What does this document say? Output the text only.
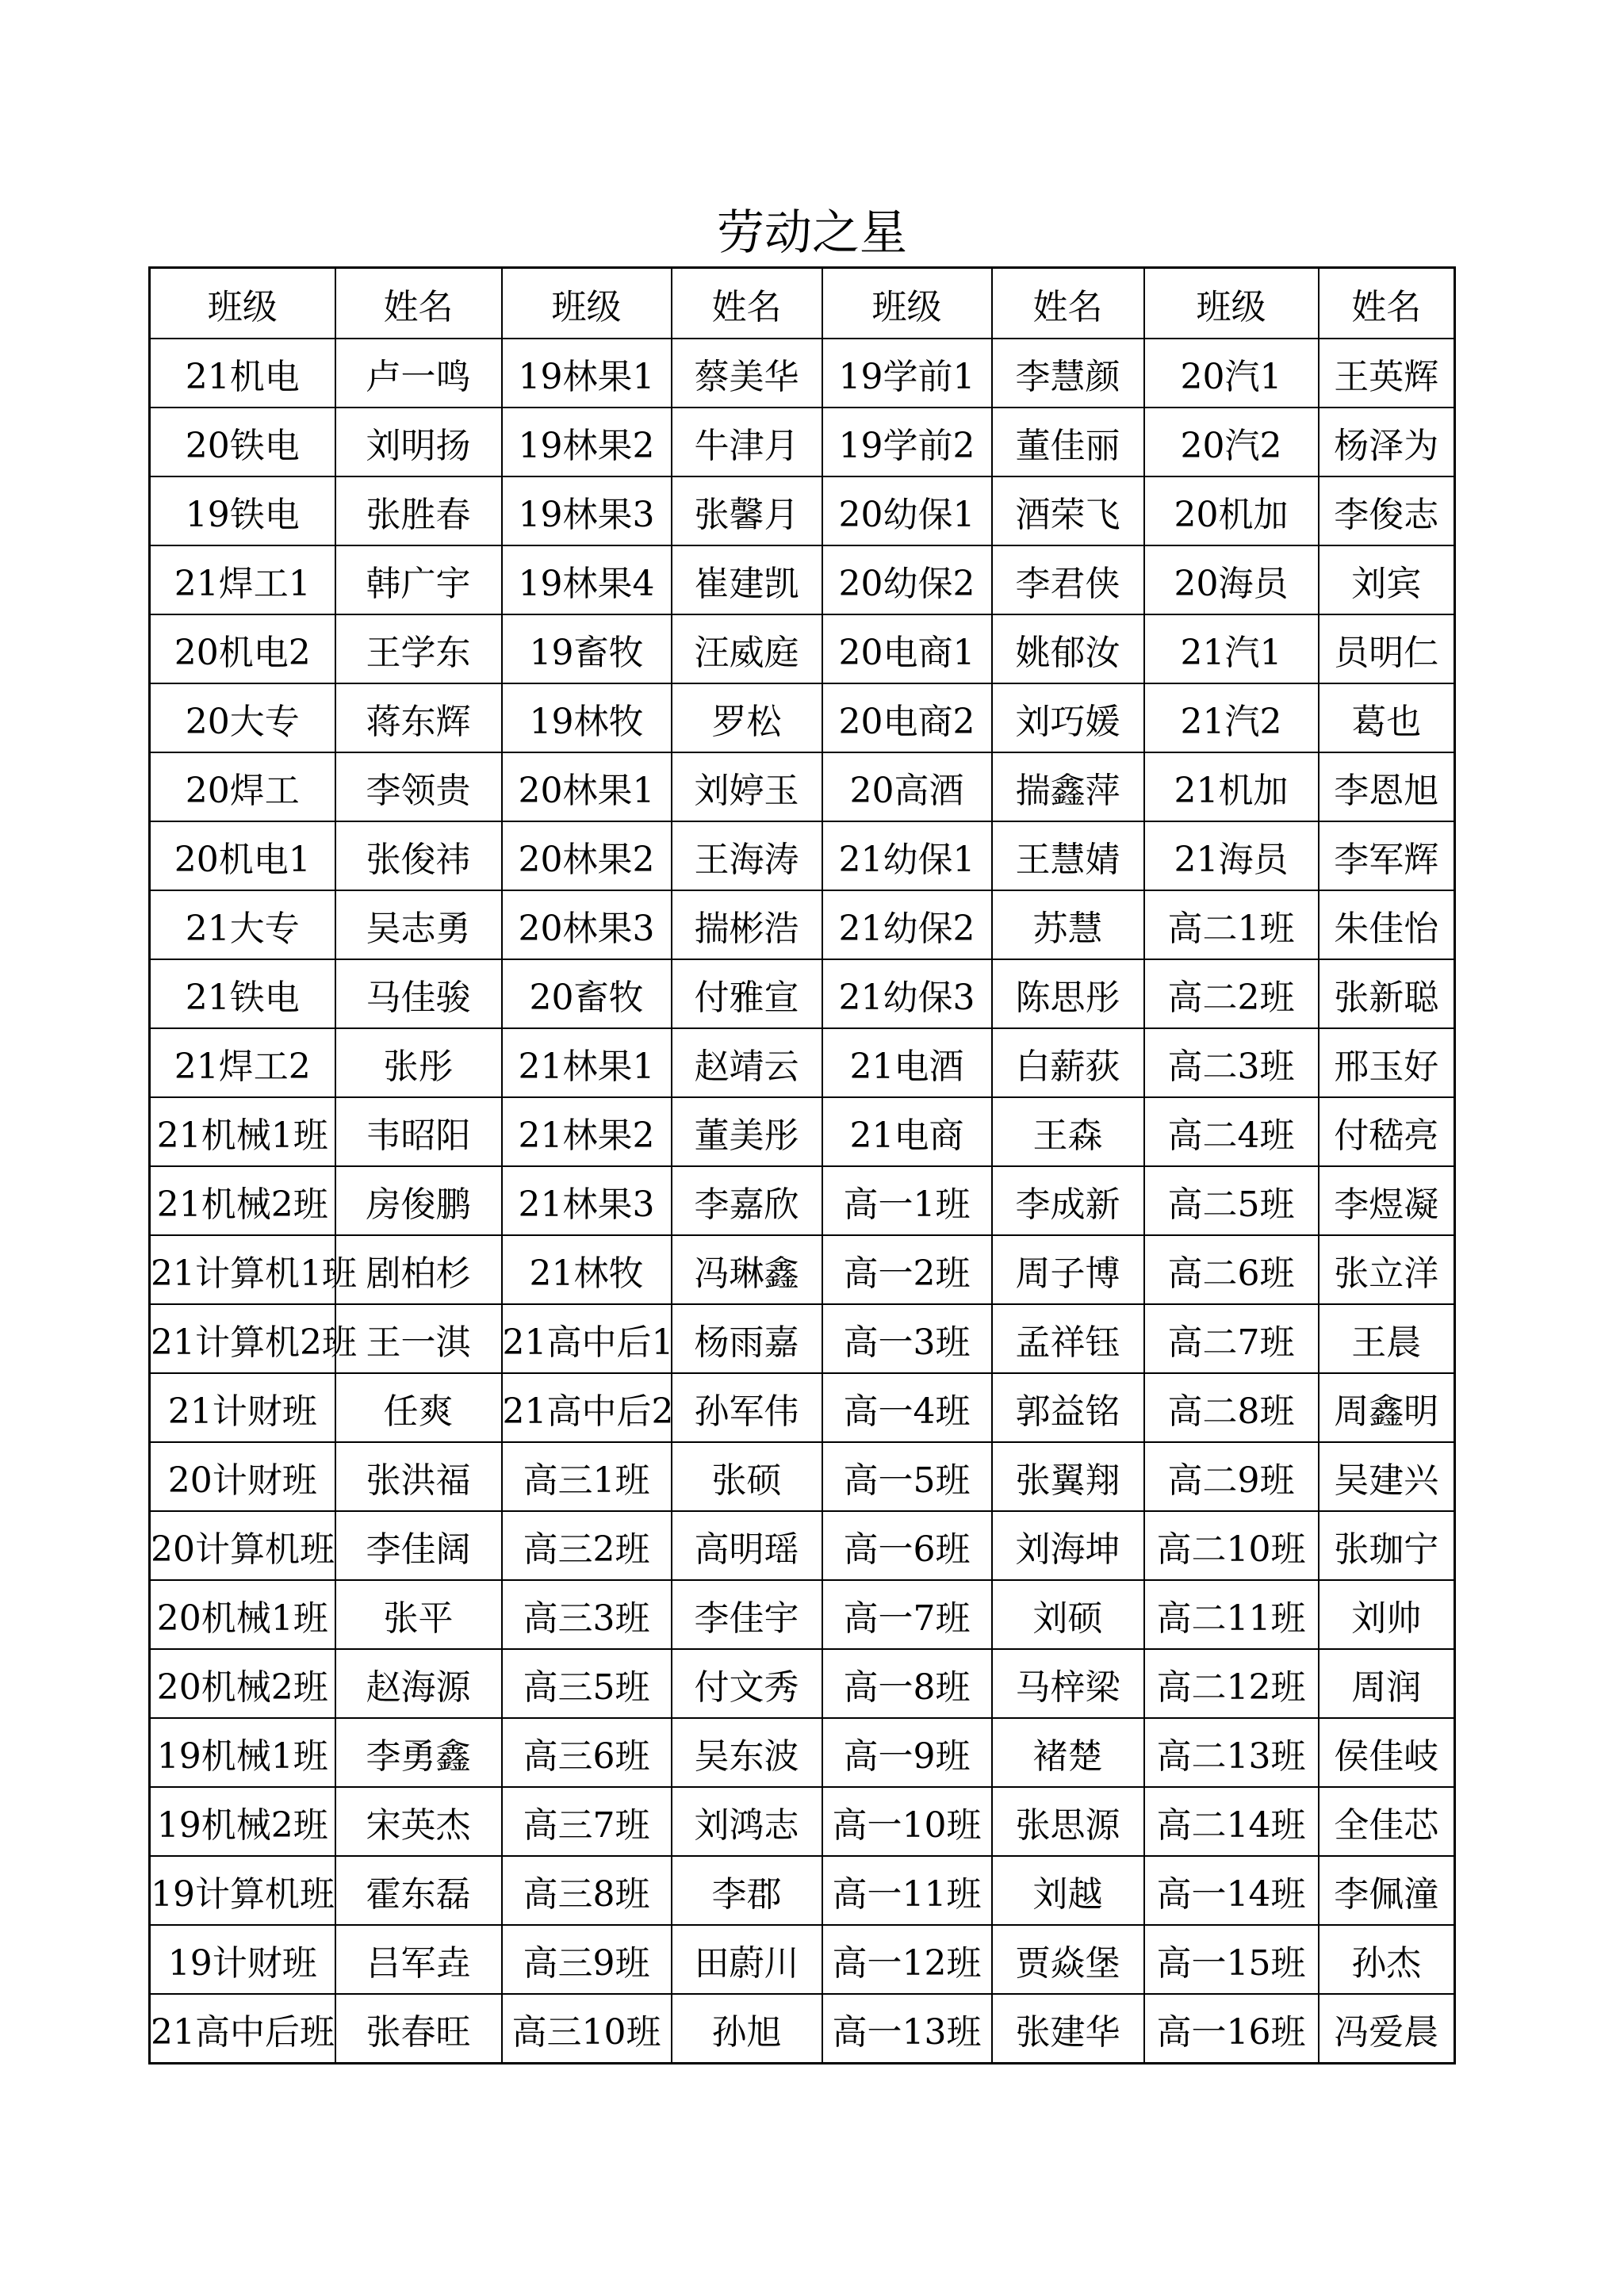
劳动之星
班级	姓名	班级	姓名	班级	姓名	班级	姓名
21机电	卢一鸣	19林果1	蔡美华	19学前1	李慧颜	20汽1	王英辉
20铁电	刘明扬	19林果2	牛津月	19学前2	董佳丽	20汽2	杨泽为
19铁电	张胜春	19林果3	张馨月	20幼保1	酒荣飞	20机加	李俊志
21焊工1	韩广宇	19林果4	崔建凯	20幼保2	李君侠	20海员	刘宾
20机电2	王学东	19畜牧	汪威庭	20电商1	姚郁汝	21汽1	员明仁
20大专	蒋东辉	19林牧	罗松	20电商2	刘巧媛	21汽2	葛也
20焊工	李领贵	20林果1	刘婷玉	20高酒	揣鑫萍	21机加	李恩旭
20机电1	张俊祎	20林果2	王海涛	21幼保1	王慧婧	21海员	李军辉
21大专	吴志勇	20林果3	揣彬浩	21幼保2	苏慧	高二1班	朱佳怡
21铁电	马佳骏	20畜牧	付雅宣	21幼保3	陈思彤	高二2班	张新聪
21焊工2	张彤	21林果1	赵靖云	21电酒	白薪荻	高二3班	邢玉好
21机械1班	韦昭阳	21林果2	董美彤	21电商	王森	高二4班	付嵇亮
21机械2班	房俊鹏	21林果3	李嘉欣	高一1班	李成新	高二5班	李煜凝
21计算机1班	剧柏杉	21林牧	冯琳鑫	高一2班	周子博	高二6班	张立洋
21计算机2班	王一淇	21高中后1	杨雨嘉	高一3班	孟祥钰	高二7班	王晨
21计财班	任爽	21高中后2	孙军伟	高一4班	郭益铭	高二8班	周鑫明
20计财班	张洪福	高三1班	张硕	高一5班	张翼翔	高二9班	吴建兴
20计算机班	李佳阔	高三2班	高明瑶	高一6班	刘海坤	高二10班	张珈宁
20机械1班	张平	高三3班	李佳宇	高一7班	刘硕	高二11班	刘帅
20机械2班	赵海源	高三5班	付文秀	高一8班	马梓梁	高二12班	周润
19机械1班	李勇鑫	高三6班	吴东波	高一9班	褚楚	高二13班	侯佳岐
19机械2班	宋英杰	高三7班	刘鸿志	高一10班	张思源	高二14班	全佳芯
19计算机班	霍东磊	高三8班	李郡	高一11班	刘越	高一14班	李佩潼
19计财班	吕军垚	高三9班	田蔚川	高一12班	贾焱堡	高一15班	孙杰
21高中后班	张春旺	高三10班	孙旭	高一13班	张建华	高一16班	冯爱晨
